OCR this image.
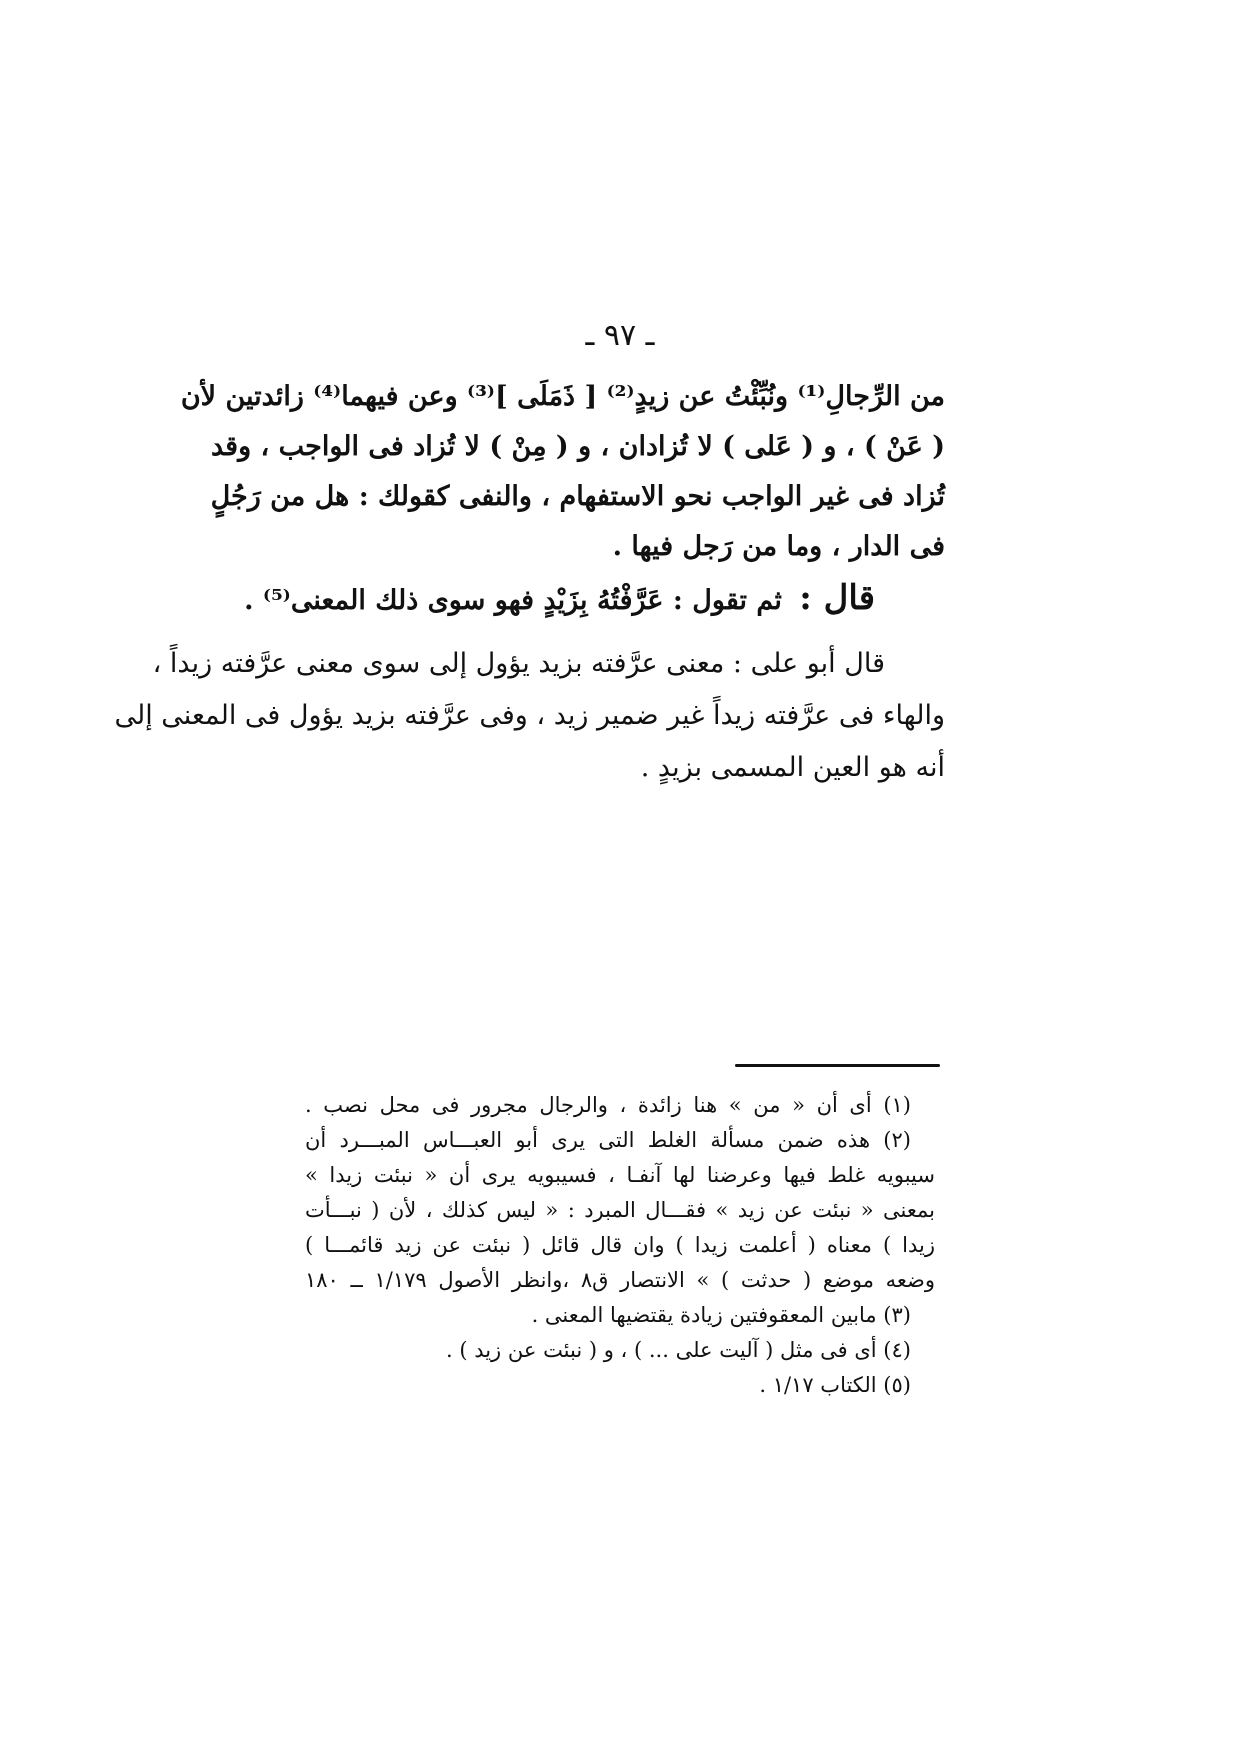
ـ ٩٧ ـ
من الرِّجالِ⁽¹⁾ ونُبِّئْتُ عن زيدٍ⁽²⁾ [ ذَمَلَى ]⁽³⁾ وعن فيهما⁽⁴⁾ زائدتين لأن
( عَنْ ) ، و ( عَلى ) لا تُزادان ، و ( مِنْ ) لا تُزاد فى الواجب ، وقد
تُزاد فى غير الواجب نحو الاستفهام ، والنفى كقولك : هل من رَجُلٍ
فى الدار ، وما من رَجل فيها .
قال : ثم تقول : عَرَّفْتُهُ بِزَيْدٍ فهو سوى ذلك المعنى⁽⁵⁾ .
قال أبو على : معنى عرَّفته بزيد يؤول إلى سوى معنى عرَّفته زيداً ،
والهاء فى عرَّفته زيداً غير ضمير زيد ، وفى عرَّفته بزيد يؤول فى المعنى إلى
أنه هو العين المسمى بزيدٍ .
(١) أى أن « من » هنا زائدة ، والرجال مجرور فى محل نصب .
(٢) هذه ضمن مسألة الغلط التى يرى أبو العبـــاس المبـــرد أن
سيبويه غلط فيها وعرضنا لها آنفـا ، فسيبويه يرى أن « نبئت زيدا »
بمعنى « نبئت عن زيد » فقـــال المبرد : « ليس كذلك ، لأن ( نبـــأت
زيدا ) معناه ( أعلمت زيدا ) وان قال قائل ( نبئت عن زيد قائمـــا )
وضعه موضع ( حدثت ) » الانتصار ق٨ ،وانظر الأصول ١/١٧٩ ــ ١٨٠
(٣) مابين المعقوفتين زيادة يقتضيها المعنى .
(٤) أى فى مثل ( آليت على ... ) ، و ( نبئت عن زيد ) .
(٥) الكتاب ١/١٧ .
